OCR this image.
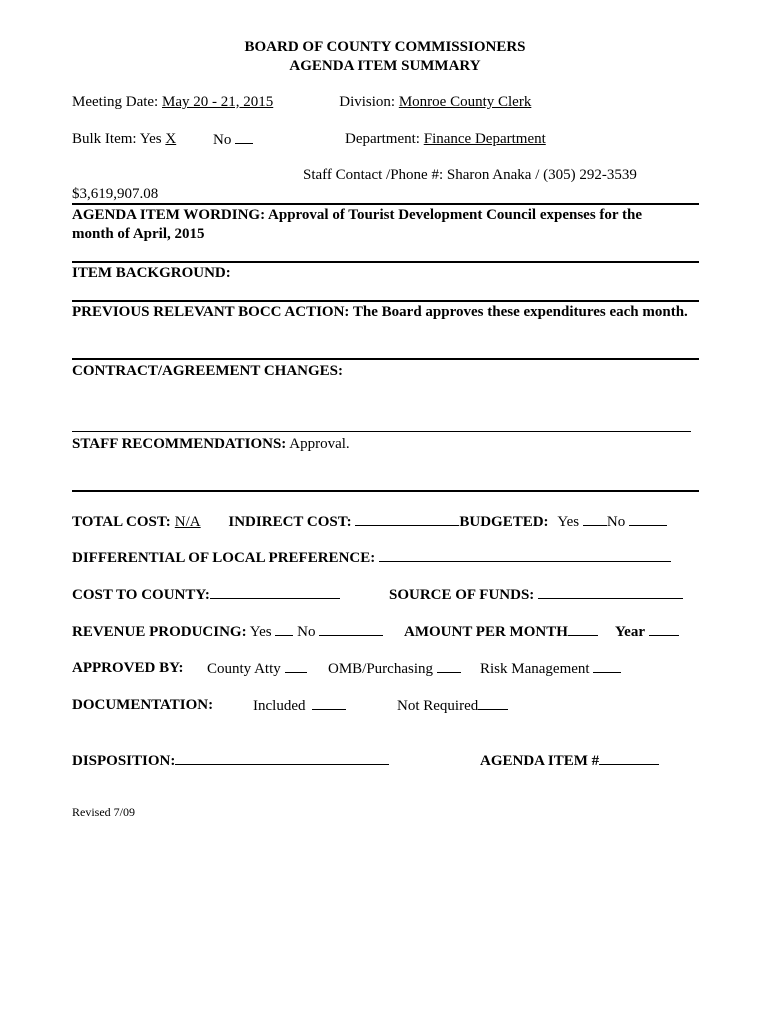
BOARD OF COUNTY COMMISSIONERS
AGENDA ITEM SUMMARY
Meeting Date: May 20 - 21, 2015	Division: Monroe County Clerk
Bulk Item: Yes X No	Department: Finance Department
Staff Contact /Phone #: Sharon Anaka / (305) 292-3539
$3,619,907.08
AGENDA ITEM WORDING: Approval of Tourist Development Council expenses for the
month of April, 2015
ITEM BACKGROUND:
PREVIOUS RELEVANT BOCC ACTION: The Board approves these expenditures each month.
CONTRACT/AGREEMENT CHANGES:
STAFF RECOMMENDATIONS: Approval.
TOTAL COST: N/A INDIRECT COST:	BUDGETED: Yes No
DIFFERENTIAL OF LOCAL PREFERENCE:
COST TO COUNTY:	SOURCE OF FUNDS:
REVENUE PRODUCING: Yes No	AMOUNT PER MONTH	Year
APPROVED BY: County Atty	OMB/Purchasing	Risk Management
DOCUMENTATION:	Included	Not Required
DISPOSITION:	AGENDA ITEM #
Revised 7/09
